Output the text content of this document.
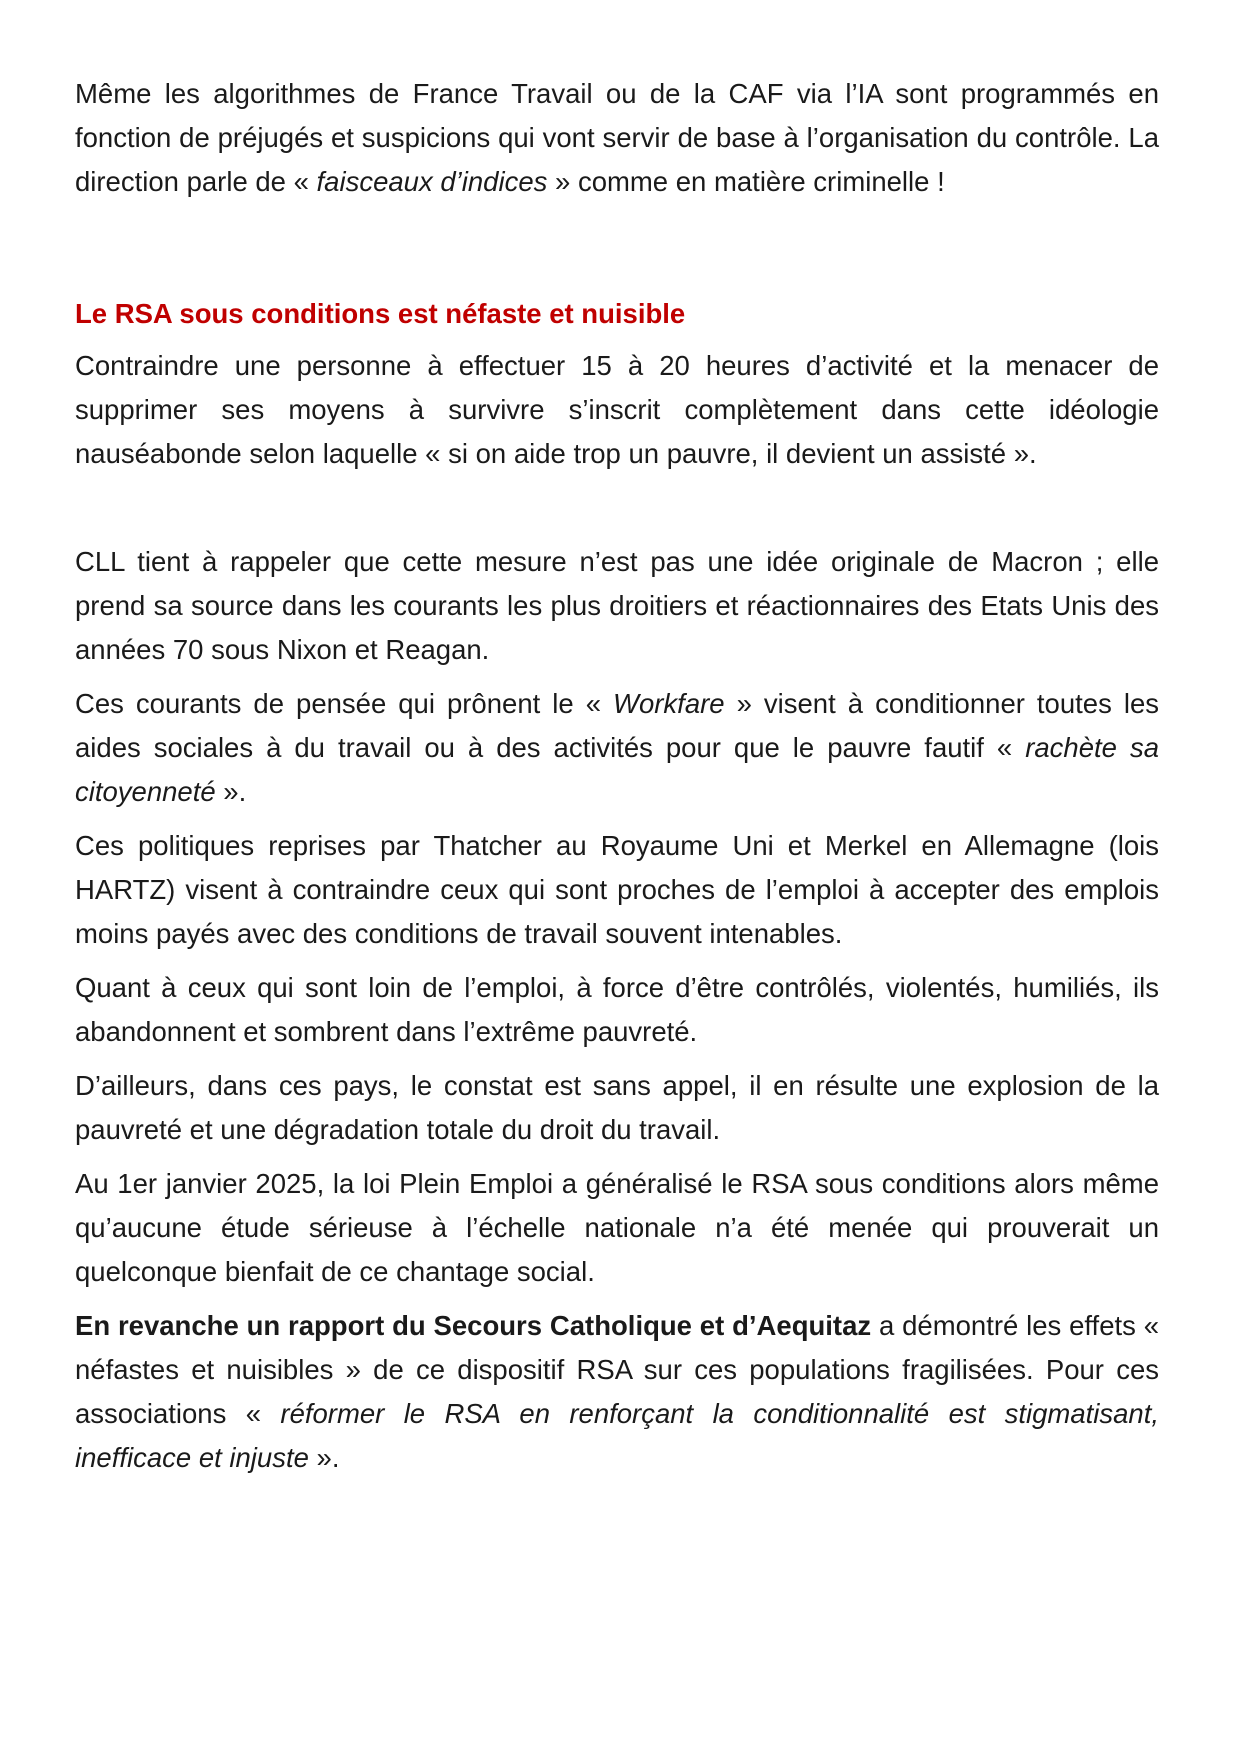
Même les algorithmes de France Travail ou de la CAF via l’IA sont programmés en fonction de préjugés et suspicions qui vont servir de base à l’organisation du contrôle. La direction parle de « faisceaux d’indices » comme en matière criminelle !

Le RSA sous conditions est néfaste et nuisible

Contraindre une personne à effectuer 15 à 20 heures d’activité et la menacer de supprimer ses moyens à survivre s’inscrit complètement dans cette idéologie nauséabonde selon laquelle « si on aide trop un pauvre, il devient un assisté ».

CLL tient à rappeler que cette mesure n’est pas une idée originale de Macron ; elle prend sa source dans les courants les plus droitiers et réactionnaires des Etats Unis des années 70 sous Nixon et Reagan.

Ces courants de pensée qui prônent le « Workfare » visent à conditionner toutes les aides sociales à du travail ou à des activités pour que le pauvre fautif « rachète sa citoyenneté ».

Ces politiques reprises par Thatcher au Royaume Uni et Merkel en Allemagne (lois HARTZ) visent à contraindre ceux qui sont proches de l’emploi à accepter des emplois moins payés avec des conditions de travail souvent intenables.

Quant à ceux qui sont loin de l’emploi, à force d’être contrôlés, violentés, humiliés, ils abandonnent et sombrent dans l’extrême pauvreté.

D’ailleurs, dans ces pays, le constat est sans appel, il en résulte une explosion de la pauvreté et une dégradation totale du droit du travail.

Au 1er janvier 2025, la loi Plein Emploi a généralisé le RSA sous conditions alors même qu’aucune étude sérieuse à l’échelle nationale n’a été menée qui prouverait un quelconque bienfait de ce chantage social.

En revanche un rapport du Secours Catholique et d’Aequitaz a démontré les effets « néfastes et nuisibles » de ce dispositif RSA sur ces populations fragilisées. Pour ces associations « réformer le RSA en renforçant la conditionnalité est stigmatisant, inefficace et injuste ».
